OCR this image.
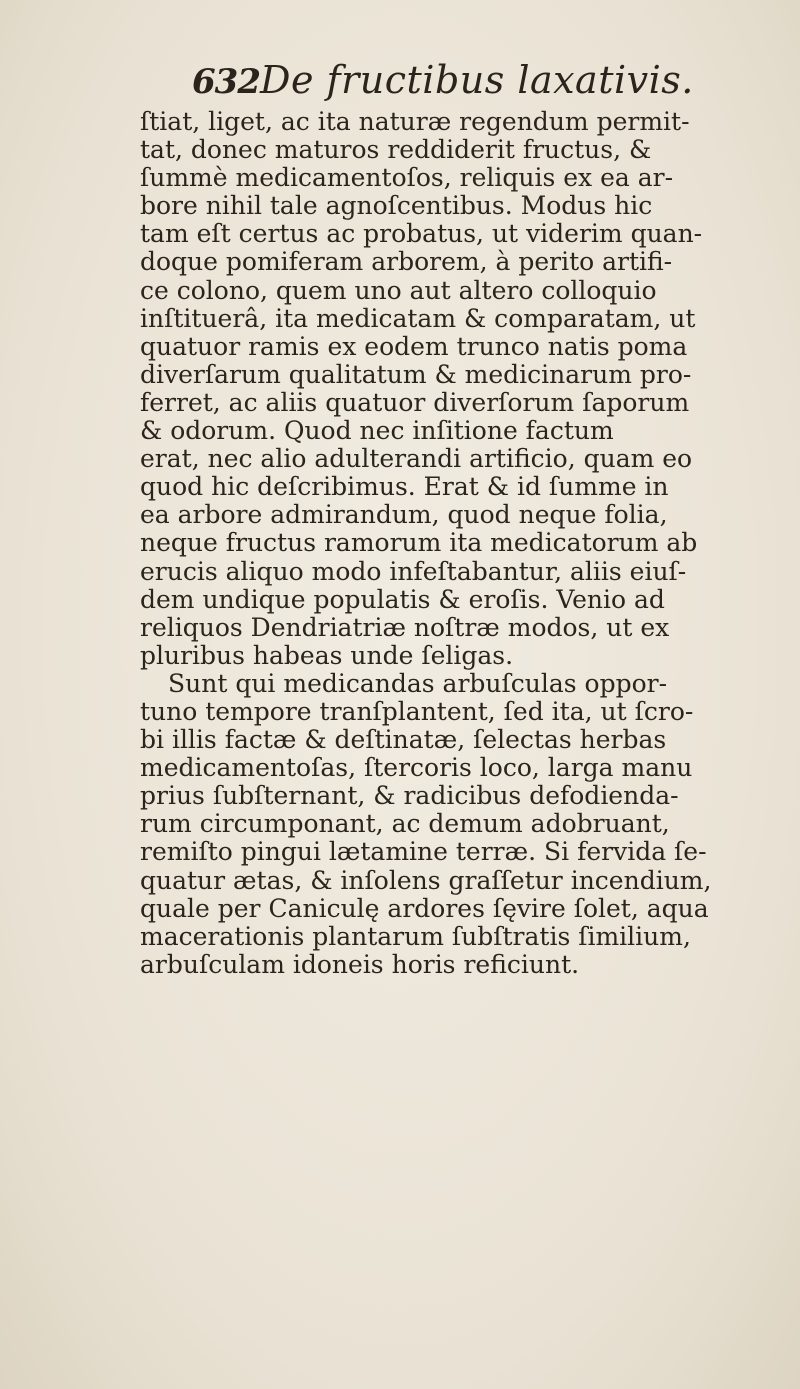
632 De fructibus laxativis.
ſtiat, liget, ac ita naturæ regendum permit-
tat, donec maturos reddiderit fructus, &
ſummè medicamentoſos, reliquis ex ea ar-
bore nihil tale agnoſcentibus. Modus hic
tam eſt certus ac probatus, ut viderim quan-
doque pomiferam arborem, à perito artifi-
ce colono, quem uno aut altero colloquio
inſtituerâ, ita medicatam & comparatam, ut
quatuor ramis ex eodem trunco natis poma
diverſarum qualitatum & medicinarum pro-
ferret, ac aliis quatuor diverſorum ſaporum
& odorum. Quod nec inſitione factum
erat, nec alio adulterandi artificio, quam eo
quod hic deſcribimus. Erat & id ſumme in
ea arbore admirandum, quod neque folia,
neque fructus ramorum ita medicatorum ab
erucis aliquo modo infeſtabantur, aliis eiuſ-
dem undique populatis & eroſis. Venio ad
reliquos Dendriatriæ noſtræ modos, ut ex
pluribus habeas unde ſeligas.
Sunt qui medicandas arbuſculas oppor-
tuno tempore tranſplantent, ſed ita, ut ſcro-
bi illis factæ & deſtinatæ, ſelectas herbas
medicamentoſas, ſtercoris loco, larga manu
prius ſubſternant, & radicibus defodienda-
rum circumponant, ac demum adobruant,
remiſto pingui lætamine terræ. Si fervida ſe-
quatur ætas, & inſolens graſſetur incendium,
quale per Caniculę ardores ſęvire ſolet, aqua
macerationis plantarum ſubſtratis ſimilium,
arbuſculam idoneis horis reficiunt.
